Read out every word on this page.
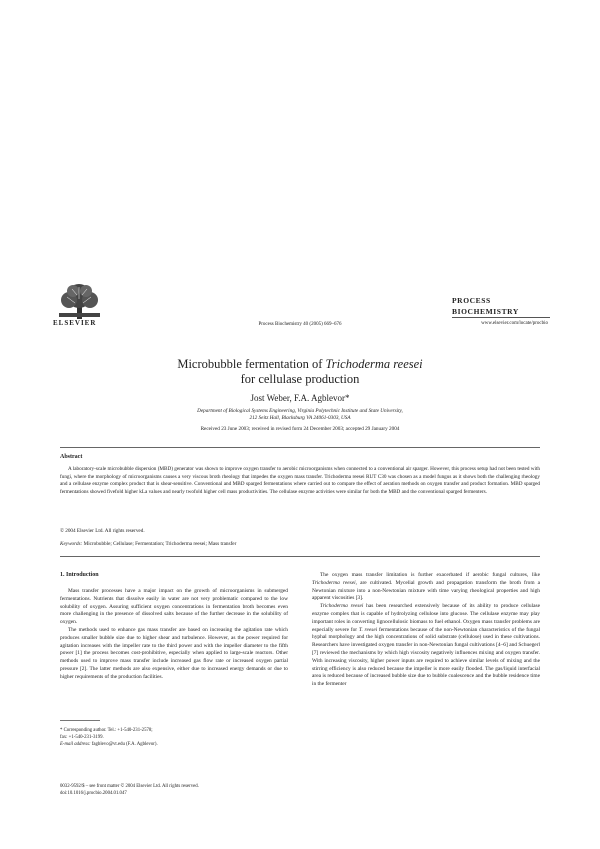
ELSEVIER	Process Biochemistry 40 (2005) 669–676
PROCESS
BIOCHEMISTRY
www.elsevier.com/locate/procbio
Microbubble fermentation of Trichoderma reesei
for cellulase production
Jost Weber, F.A. Agblevor*
Department of Biological Systems Engineering, Virginia Polytechnic Institute and State University,
212 Seitz Hall, Blacksburg VA 24061-0303, USA
Received 23 June 2003; received in revised form 24 December 2003; accepted 29 January 2004
Abstract
A laboratory-scale microbubble dispersion (MBD) generator was shown to improve oxygen transfer to aerobic microorganisms when connected to a conventional air sparger. However, this process setup had not been tested with fungi, where the morphology of microorganisms causes a very viscous broth rheology that impedes the oxygen mass transfer. Trichoderma reesei RUT C30 was chosen as a model fungus as it shows both the challenging rheology and a cellulase enzyme complex product that is shear-sensitive. Conventional and MBD sparged fermentations where carried out to compare the effect of aeration methods on oxygen transfer and product formation. MBD sparged fermentations showed fivefold higher kLa values and nearly twofold higher cell mass productivities. The cellulase enzyme activities were similar for both the MBD and the conventional sparged fermenters.
© 2004 Elsevier Ltd. All rights reserved.
Keywords: Microbubble; Cellulase; Fermentation; Trichoderma reesei; Mass transfer
1. Introduction

Mass transfer processes have a major impact on the growth of microorganisms in submerged fermentations. Nutrients that dissolve easily in water are not very problematic compared to the low solubility of oxygen. Assuring sufficient oxygen concentrations in fermentation broth becomes even more challenging in the presence of dissolved salts because of the further decrease in the solubility of oxygen.

The methods used to enhance gas mass transfer are based on increasing the agitation rate which produces smaller bubble size due to higher shear and turbulence. However, as the power required for agitation increases with the impeller rate to the third power and with the impeller diameter to the fifth power [1] the process becomes cost-prohibitive, especially when applied to large-scale reactors. Other methods used to improve mass transfer include increased gas flow rate or increased oxygen partial pressure [2]. The latter methods are also expensive, either due to increased energy demands or due to higher requirements of the production facilities.

The oxygen mass transfer limitation is further exacerbated if aerobic fungal cultures, like Trichoderma reesei, are cultivated. Mycelial growth and propagation transform the broth from a Newtonian mixture into a non-Newtonian mixture with time varying rheological properties and high apparent viscosities [3].

Trichoderma reesei has been researched extensively because of its ability to produce cellulase enzyme complex that is capable of hydrolyzing cellulose into glucose. The cellulase enzyme may play important roles in converting lignocellulosic biomass to fuel ethanol. Oxygen mass transfer problems are especially severe for T. reesei fermentations because of the non-Newtonian characteristics of the fungal hyphal morphology and the high concentrations of solid substrate (cellulose) used in these cultivations. Researchers have investigated oxygen transfer in non-Newtonian fungal cultivations [4–6] and Schuegerl [7] reviewed the mechanisms by which high viscosity negatively influences mixing and oxygen transfer. With increasing viscosity, higher power inputs are required to achieve similar levels of mixing and the stirring efficiency is also reduced because the impeller is more easily flooded. The gas/liquid interfacial area is reduced because of increased bubble size due to bubble coalescence and the bubble residence time in the fermenter

* Corresponding author. Tel.: +1-540-231-2578;
fax: +1-540-231-3199.
E-mail address: fagblevo@vt.edu (F.A. Agblevor).
0032-9592/$ – see front matter © 2004 Elsevier Ltd. All rights reserved.
doi:10.1016/j.procbio.2004.01.047
